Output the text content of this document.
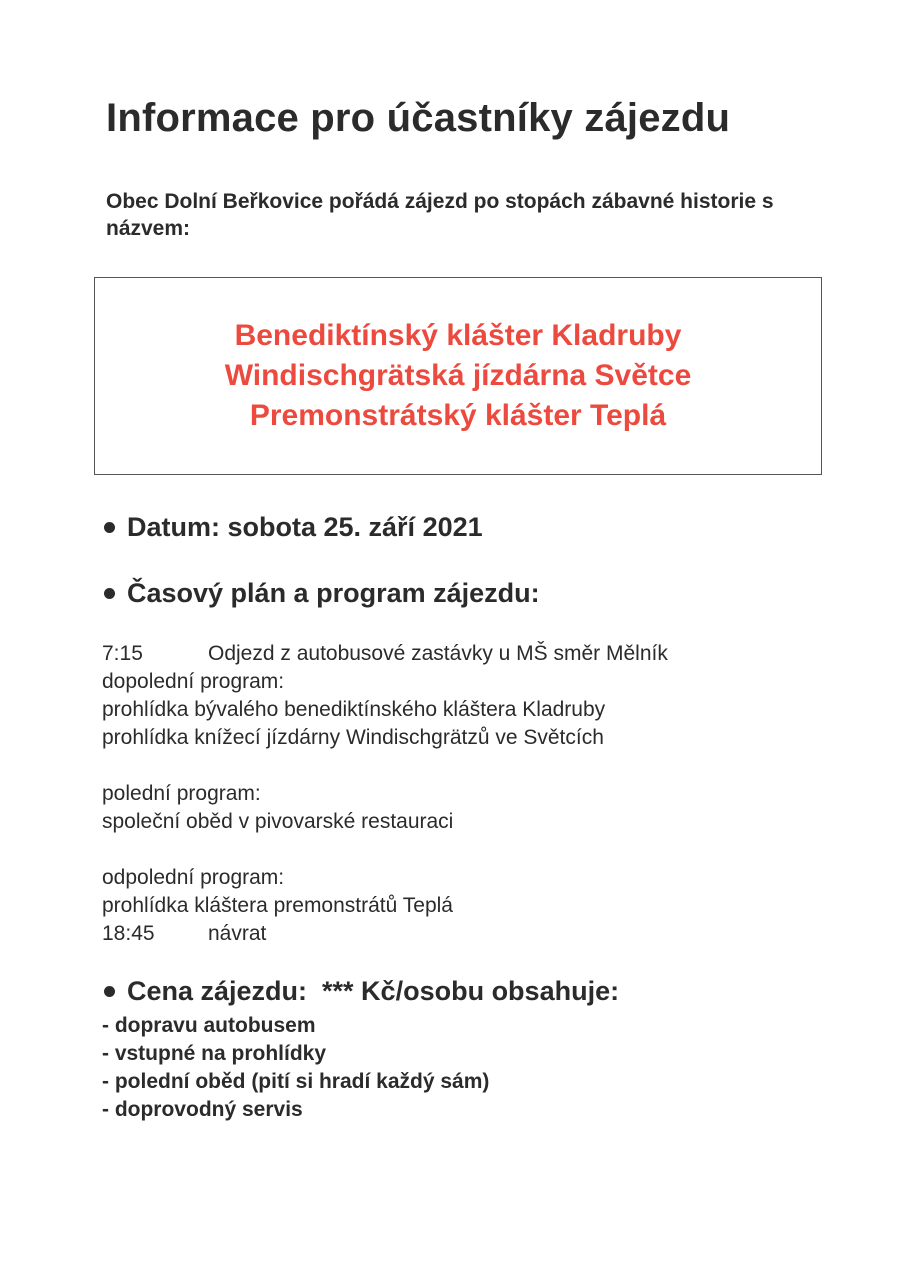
Informace pro účastníky zájezdu
Obec Dolní Beřkovice pořádá zájezd po stopách zábavné historie s názvem:
Benediktínský klášter Kladruby
Windischgrätská jízdárna Světce
Premonstrátský klášter Teplá
Datum: sobota 25. září 2021
Časový plán a program zájezdu:
7:15	Odjezd z autobusové zastávky u MŠ směr Mělník
dopolední program:
prohlídka bývalého benediktínského kláštera Kladruby
prohlídka knížecí jízdárny Windischgrätzů ve Světcích
polední program:
společní oběd v pivovarské restauraci
odpolední program:
prohlídka kláštera premonstrátů Teplá
18:45	návrat
Cena zájezdu:  *** Kč/osobu obsahuje:
- dopravu autobusem
- vstupné na prohlídky
- polední oběd (pití si hradí každý sám)
- doprovodný servis
